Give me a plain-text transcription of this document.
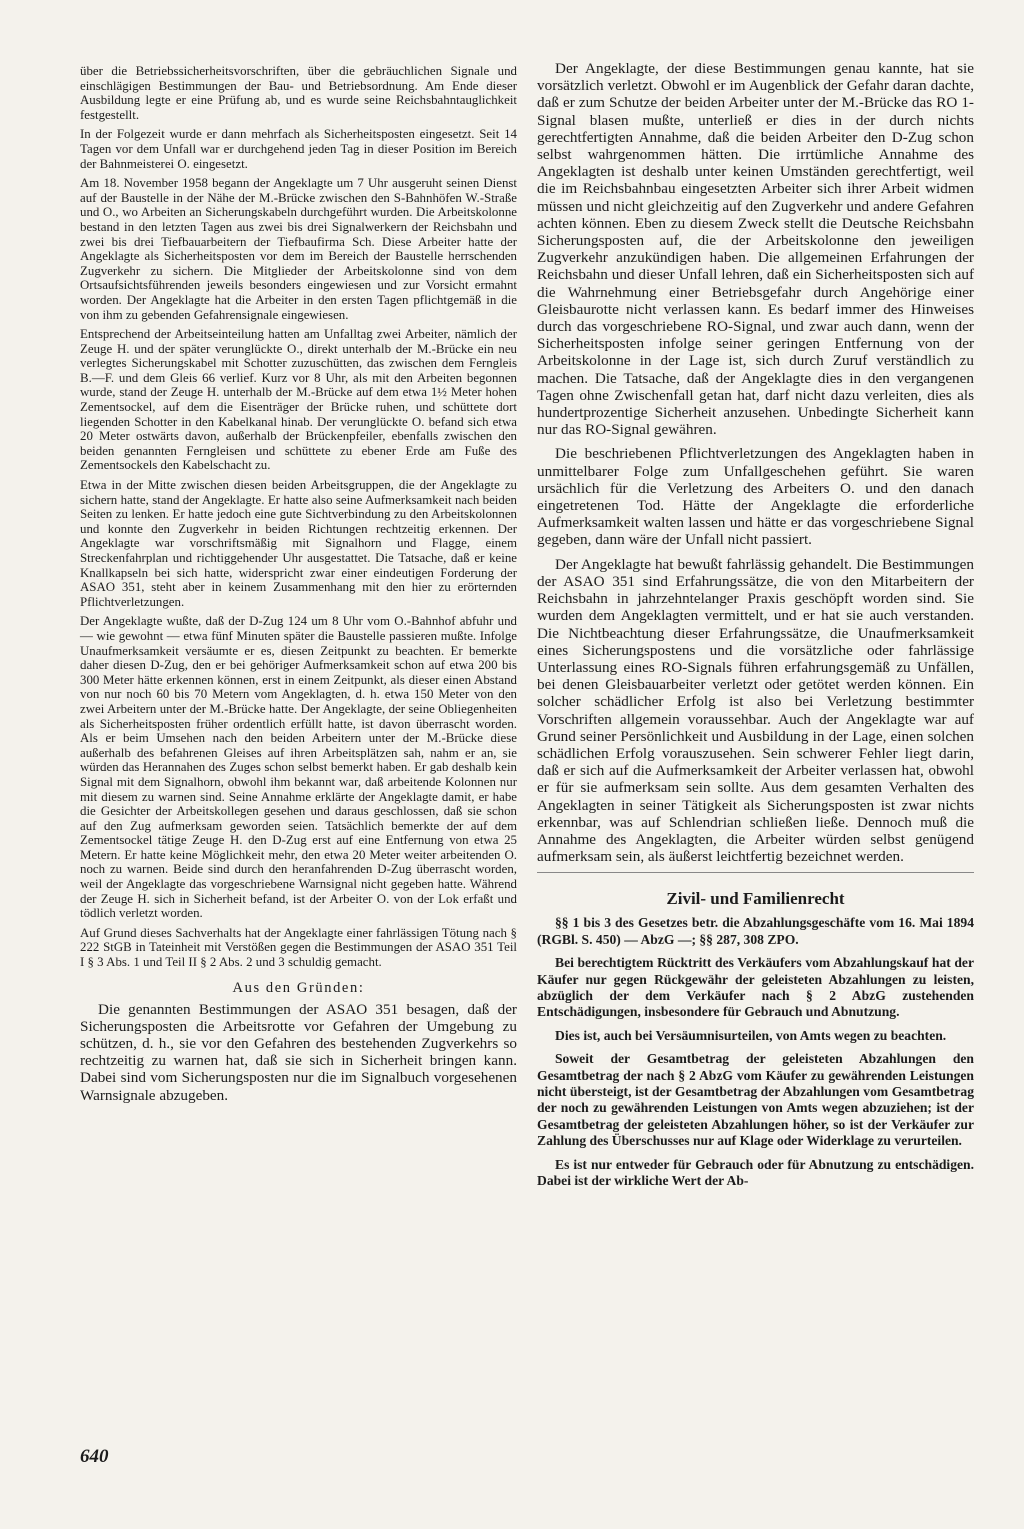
über die Betriebssicherheitsvorschriften, über die gebräuchlichen Signale und einschlägigen Bestimmungen der Bau- und Betriebsordnung. Am Ende dieser Ausbildung legte er eine Prüfung ab, und es wurde seine Reichsbahntauglichkeit festgestellt.

In der Folgezeit wurde er dann mehrfach als Sicherheitsposten eingesetzt. Seit 14 Tagen vor dem Unfall war er durchgehend jeden Tag in dieser Position im Bereich der Bahnmeisterei O. eingesetzt.

Am 18. November 1958 begann der Angeklagte um 7 Uhr ausgeruht seinen Dienst auf der Baustelle in der Nähe der M.-Brücke zwischen den S-Bahnhöfen W.-Straße und O., wo Arbeiten an Sicherungskabeln durchgeführt wurden. Die Arbeitskolonne bestand in den letzten Tagen aus zwei bis drei Signalwerkern der Reichsbahn und zwei bis drei Tiefbauarbeitern der Tiefbaufirma Sch. Diese Arbeiter hatte der Angeklagte als Sicherheitsposten vor dem im Bereich der Baustelle herrschenden Zugverkehr zu sichern. Die Mitglieder der Arbeitskolonne sind von dem Ortsaufsichtsführenden jeweils besonders eingewiesen und zur Vorsicht ermahnt worden. Der Angeklagte hat die Arbeiter in den ersten Tagen pflichtgemäß in die von ihm zu gebenden Gefahrensignale eingewiesen.

Entsprechend der Arbeitseinteilung hatten am Unfalltag zwei Arbeiter, nämlich der Zeuge H. und der später verunglückte O., direkt unterhalb der M.-Brücke ein neu verlegtes Sicherungskabel mit Schotter zuzuschütten, das zwischen dem Ferngleis B.—F. und dem Gleis 66 verlief. Kurz vor 8 Uhr, als mit den Arbeiten begonnen wurde, stand der Zeuge H. unterhalb der M.-Brücke auf dem etwa 1½ Meter hohen Zementsockel, auf dem die Eisenträger der Brücke ruhen, und schüttete dort liegenden Schotter in den Kabelkanal hinab. Der verunglückte O. befand sich etwa 20 Meter ostwärts davon, außerhalb der Brückenpfeiler, ebenfalls zwischen den beiden genannten Ferngleisen und schüttete zu ebener Erde am Fuße des Zementsockels den Kabelschacht zu.

Etwa in der Mitte zwischen diesen beiden Arbeitsgruppen, die der Angeklagte zu sichern hatte, stand der Angeklagte. Er hatte also seine Aufmerksamkeit nach beiden Seiten zu lenken. Er hatte jedoch eine gute Sichtverbindung zu den Arbeitskolonnen und konnte den Zugverkehr in beiden Richtungen rechtzeitig erkennen. Der Angeklagte war vorschriftsmäßig mit Signalhorn und Flagge, einem Streckenfahrplan und richtiggehender Uhr ausgestattet. Die Tatsache, daß er keine Knallkapseln bei sich hatte, widerspricht zwar einer eindeutigen Forderung der ASAO 351, steht aber in keinem Zusammenhang mit den hier zu erörternden Pflichtverletzungen.

Der Angeklagte wußte, daß der D-Zug 124 um 8 Uhr vom O.-Bahnhof abfuhr und — wie gewohnt — etwa fünf Minuten später die Baustelle passieren mußte. Infolge Unaufmerksamkeit versäumte er es, diesen Zeitpunkt zu beachten. Er bemerkte daher diesen D-Zug, den er bei gehöriger Aufmerksamkeit schon auf etwa 200 bis 300 Meter hätte erkennen können, erst in einem Zeitpunkt, als dieser einen Abstand von nur noch 60 bis 70 Metern vom Angeklagten, d. h. etwa 150 Meter von den zwei Arbeitern unter der M.-Brücke hatte. Der Angeklagte, der seine Obliegenheiten als Sicherheitsposten früher ordentlich erfüllt hatte, ist davon überrascht worden. Als er beim Umsehen nach den beiden Arbeitern unter der M.-Brücke diese außerhalb des befahrenen Gleises auf ihren Arbeitsplätzen sah, nahm er an, sie würden das Herannahen des Zuges schon selbst bemerkt haben. Er gab deshalb kein Signal mit dem Signalhorn, obwohl ihm bekannt war, daß arbeitende Kolonnen nur mit diesem zu warnen sind. Seine Annahme erklärte der Angeklagte damit, er habe die Gesichter der Arbeitskollegen gesehen und daraus geschlossen, daß sie schon auf den Zug aufmerksam geworden seien. Tatsächlich bemerkte der auf dem Zementsockel tätige Zeuge H. den D-Zug erst auf eine Entfernung von etwa 25 Metern. Er hatte keine Möglichkeit mehr, den etwa 20 Meter weiter arbeitenden O. noch zu warnen. Beide sind durch den heranfahrenden D-Zug überrascht worden, weil der Angeklagte das vorgeschriebene Warnsignal nicht gegeben hatte. Während der Zeuge H. sich in Sicherheit befand, ist der Arbeiter O. von der Lok erfaßt und tödlich verletzt worden.

Auf Grund dieses Sachverhalts hat der Angeklagte einer fahrlässigen Tötung nach § 222 StGB in Tateinheit mit Verstößen gegen die Bestimmungen der ASAO 351 Teil I § 3 Abs. 1 und Teil II § 2 Abs. 2 und 3 schuldig gemacht.

Aus den Gründen:

Die genannten Bestimmungen der ASAO 351 besagen, daß der Sicherungsposten die Arbeitsrotte vor Gefahren der Umgebung zu schützen, d. h., sie vor den Gefahren des bestehenden Zugverkehrs so rechtzeitig zu warnen hat, daß sie sich in Sicherheit bringen kann. Dabei sind vom Sicherungsposten nur die im Signalbuch vorgesehenen Warnsignale abzugeben.

Der Angeklagte, der diese Bestimmungen genau kannte, hat sie vorsätzlich verletzt. Obwohl er im Augenblick der Gefahr daran dachte, daß er zum Schutze der beiden Arbeiter unter der M.-Brücke das RO 1-Signal blasen mußte, unterließ er dies in der durch nichts gerechtfertigten Annahme, daß die beiden Arbeiter den D-Zug schon selbst wahrgenommen hätten. Die irrtümliche Annahme des Angeklagten ist deshalb unter keinen Umständen gerechtfertigt, weil die im Reichsbahnbau eingesetzten Arbeiter sich ihrer Arbeit widmen müssen und nicht gleichzeitig auf den Zugverkehr und andere Gefahren achten können. Eben zu diesem Zweck stellt die Deutsche Reichsbahn Sicherungsposten auf, die der Arbeitskolonne den jeweiligen Zugverkehr anzukündigen haben. Die allgemeinen Erfahrungen der Reichsbahn und dieser Unfall lehren, daß ein Sicherheitsposten sich auf die Wahrnehmung einer Betriebsgefahr durch Angehörige einer Gleisbaurotte nicht verlassen kann. Es bedarf immer des Hinweises durch das vorgeschriebene RO-Signal, und zwar auch dann, wenn der Sicherheitsposten infolge seiner geringen Entfernung von der Arbeitskolonne in der Lage ist, sich durch Zuruf verständlich zu machen. Die Tatsache, daß der Angeklagte dies in den vergangenen Tagen ohne Zwischenfall getan hat, darf nicht dazu verleiten, dies als hundertprozentige Sicherheit anzusehen. Unbedingte Sicherheit kann nur das RO-Signal gewähren.

Die beschriebenen Pflichtverletzungen des Angeklagten haben in unmittelbarer Folge zum Unfallgeschehen geführt. Sie waren ursächlich für die Verletzung des Arbeiters O. und den danach eingetretenen Tod. Hätte der Angeklagte die erforderliche Aufmerksamkeit walten lassen und hätte er das vorgeschriebene Signal gegeben, dann wäre der Unfall nicht passiert.

Der Angeklagte hat bewußt fahrlässig gehandelt. Die Bestimmungen der ASAO 351 sind Erfahrungssätze, die von den Mitarbeitern der Reichsbahn in jahrzehntelanger Praxis geschöpft worden sind. Sie wurden dem Angeklagten vermittelt, und er hat sie auch verstanden. Die Nichtbeachtung dieser Erfahrungssätze, die Unaufmerksamkeit eines Sicherungspostens und die vorsätzliche oder fahrlässige Unterlassung eines RO-Signals führen erfahrungsgemäß zu Unfällen, bei denen Gleisbauarbeiter verletzt oder getötet werden können. Ein solcher schädlicher Erfolg ist also bei Verletzung bestimmter Vorschriften allgemein voraussehbar. Auch der Angeklagte war auf Grund seiner Persönlichkeit und Ausbildung in der Lage, einen solchen schädlichen Erfolg vorauszusehen. Sein schwerer Fehler liegt darin, daß er sich auf die Aufmerksamkeit der Arbeiter verlassen hat, obwohl er für sie aufmerksam sein sollte. Aus dem gesamten Verhalten des Angeklagten in seiner Tätigkeit als Sicherungsposten ist zwar nichts erkennbar, was auf Schlendrian schließen ließe. Dennoch muß die Annahme des Angeklagten, die Arbeiter würden selbst genügend aufmerksam sein, als äußerst leichtfertig bezeichnet werden.

Zivil- und Familienrecht

§§ 1 bis 3 des Gesetzes betr. die Abzahlungsgeschäfte vom 16. Mai 1894 (RGBl. S. 450) — AbzG —; §§ 287, 308 ZPO.

Bei berechtigtem Rücktritt des Verkäufers vom Abzahlungskauf hat der Käufer nur gegen Rückgewähr der geleisteten Abzahlungen zu leisten, abzüglich der dem Verkäufer nach § 2 AbzG zustehenden Entschädigungen, insbesondere für Gebrauch und Abnutzung.

Dies ist, auch bei Versäumnisurteilen, von Amts wegen zu beachten.

Soweit der Gesamtbetrag der geleisteten Abzahlungen den Gesamtbetrag der nach § 2 AbzG vom Käufer zu gewährenden Leistungen nicht übersteigt, ist der Gesamtbetrag der Abzahlungen vom Gesamtbetrag der noch zu gewährenden Leistungen von Amts wegen abzuziehen; ist der Gesamtbetrag der geleisteten Abzahlungen höher, so ist der Verkäufer zur Zahlung des Überschusses nur auf Klage oder Widerklage zu verurteilen.

Es ist nur entweder für Gebrauch oder für Abnutzung zu entschädigen. Dabei ist der wirkliche Wert der Ab-

640
